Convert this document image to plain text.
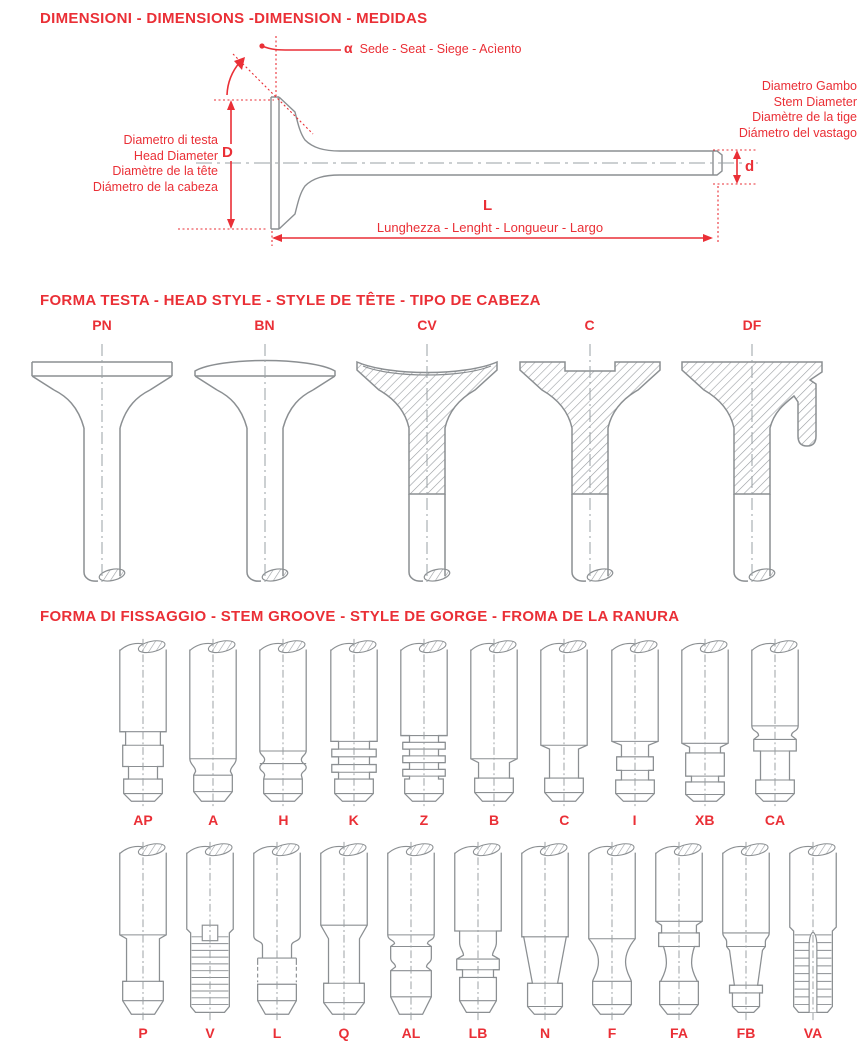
DIMENSIONI - DIMENSIONS -DIMENSION - MEDIDAS
α Sede - Seat - Siege - Acìento
Diametro di testa
Head Diameter
Diamètre de la tête
Diámetro de la cabeza
D
Diametro Gambo
Stem Diameter
Diamètre de la tige
Diámetro del vastago
d
L
Lunghezza - Lenght - Longueur - Largo
FORMA TESTA - HEAD STYLE - STYLE DE TÊTE - TIPO DE CABEZA
PN	BN	CV	C	DF
FORMA DI FISSAGGIO - STEM GROOVE - STYLE DE GORGE - FROMA DE LA RANURA
AP	A	H	K	Z	B	C	I	XB	CA
P	V	L	Q	AL	LB	N	F	FA	FB	VA
